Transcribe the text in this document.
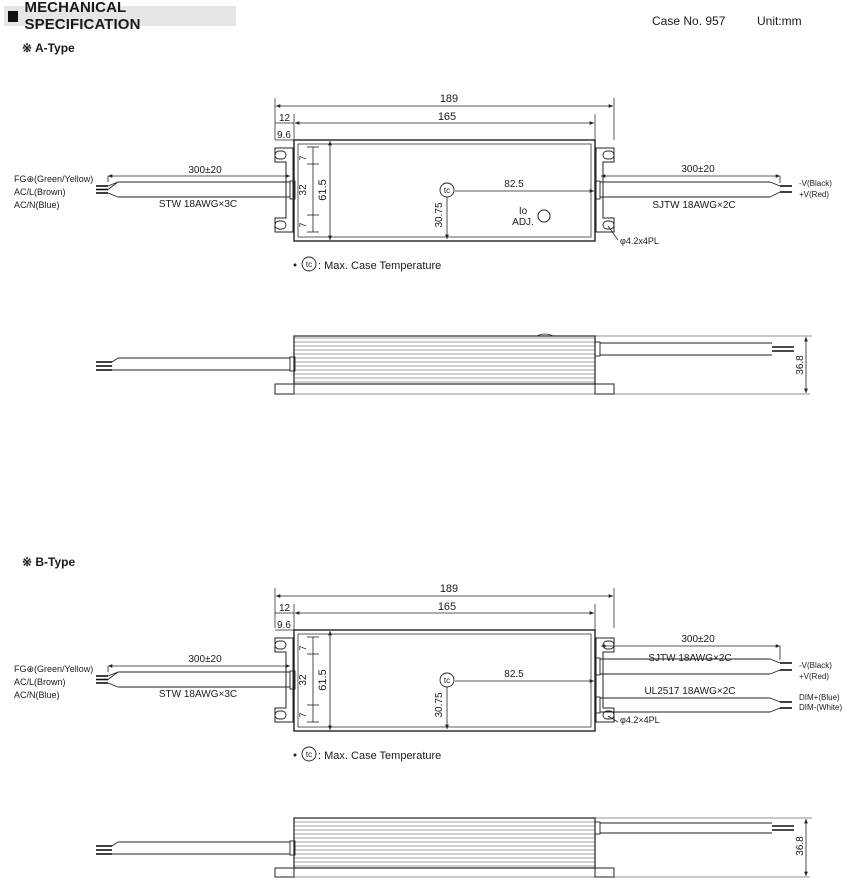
MECHANICAL SPECIFICATION	Case No. 957	Unit:mm
※ A-Type
※ B-Type
189
165
12
9.6
7
32
7
61.5	tc
30.75
82.5
Io
ADJ.
300±20
STW 18AWG×3C
FG⊕(Green/Yellow)
AC/L(Brown)
AC/N(Blue)
300±20
SJTW 18AWG×2C
-V(Black)
+V(Red)
φ4.2x4PL
tc : Max. Case Temperature
36.8
189
165
12
9.6
7
32
7
61.5	tc
30.75
82.5
300±20
STW 18AWG×3C
FG⊕(Green/Yellow)
AC/L(Brown)
AC/N(Blue)
300±20
SJTW 18AWG×2C
-V(Black)
+V(Red)
UL2517 18AWG×2C
DIM+(Blue)
DIM-(White)
φ4.2×4PL
tc : Max. Case Temperature
36.8
